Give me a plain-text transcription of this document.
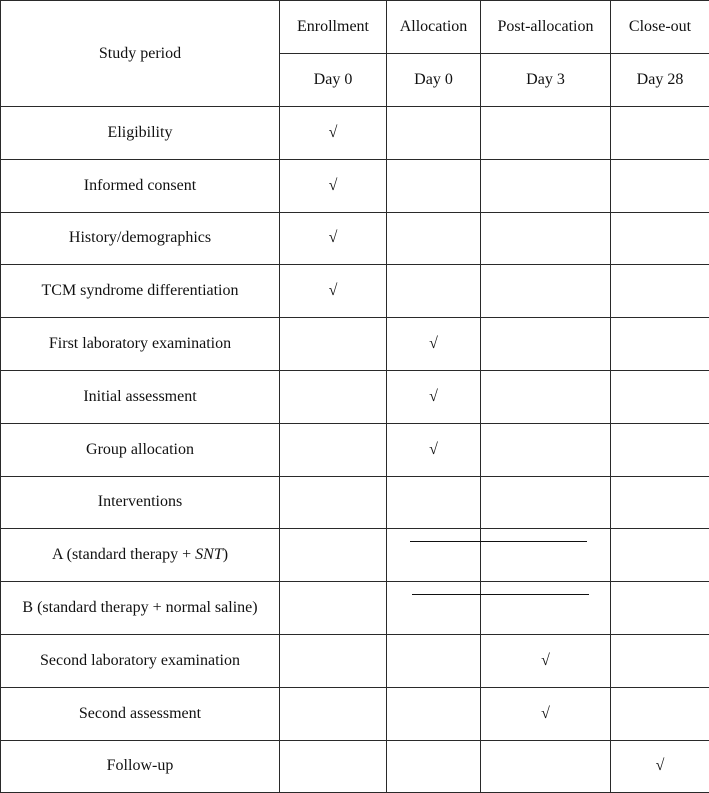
Study period	Enrollment	Allocation	Post-allocation	Close-out
	Day 0	Day 0	Day 3	Day 28
Eligibility	√			
Informed consent	√			
History/demographics	√			
TCM syndrome differentiation	√			
First laboratory examination		√		
Initial assessment		√		
Group allocation		√		
Interventions				
A (standard therapy + SNT)				
B (standard therapy + normal saline)				
Second laboratory examination			√	
Second assessment			√	
Follow-up				√
